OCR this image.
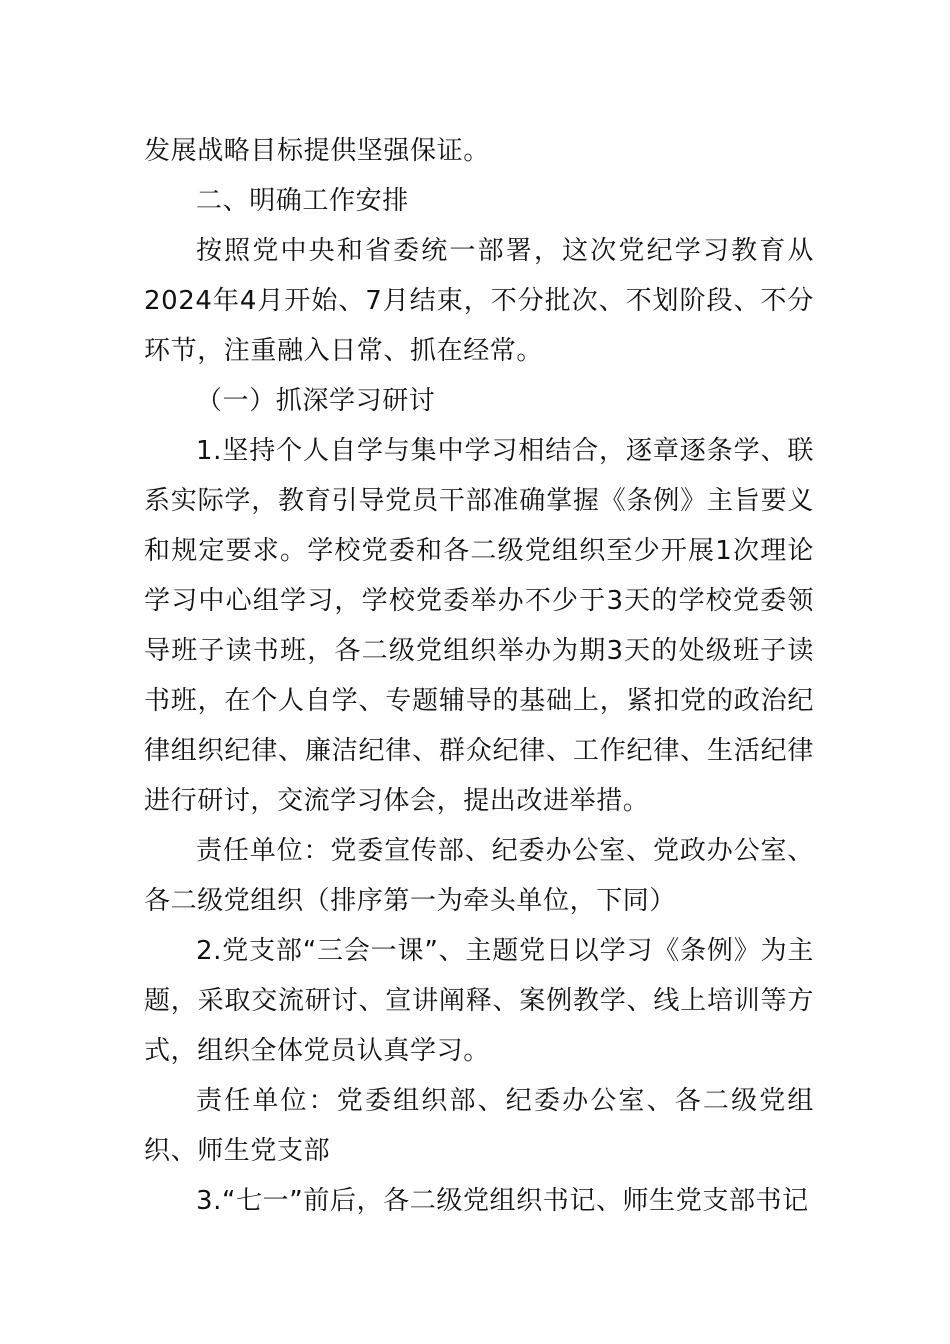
发展战略目标提供坚强保证。

二、明确工作安排

按照党中央和省委统一部署，这次党纪学习教育从2024年4月开始、7月结束，不分批次、不划阶段、不分环节，注重融入日常、抓在经常。

（一）抓深学习研讨

1.坚持个人自学与集中学习相结合，逐章逐条学、联系实际学，教育引导党员干部准确掌握《条例》主旨要义和规定要求。学校党委和各二级党组织至少开展1次理论学习中心组学习，学校党委举办不少于3天的学校党委领导班子读书班，各二级党组织举办为期3天的处级班子读书班，在个人自学、专题辅导的基础上，紧扣党的政治纪律组织纪律、廉洁纪律、群众纪律、工作纪律、生活纪律进行研讨，交流学习体会，提出改进举措。

责任单位：党委宣传部、纪委办公室、党政办公室、各二级党组织（排序第一为牵头单位，下同）

2.党支部“三会一课”、主题党日以学习《条例》为主题，采取交流研讨、宣讲阐释、案例教学、线上培训等方式，组织全体党员认真学习。

责任单位：党委组织部、纪委办公室、各二级党组织、师生党支部

3.“七一”前后，各二级党组织书记、师生党支部书记
